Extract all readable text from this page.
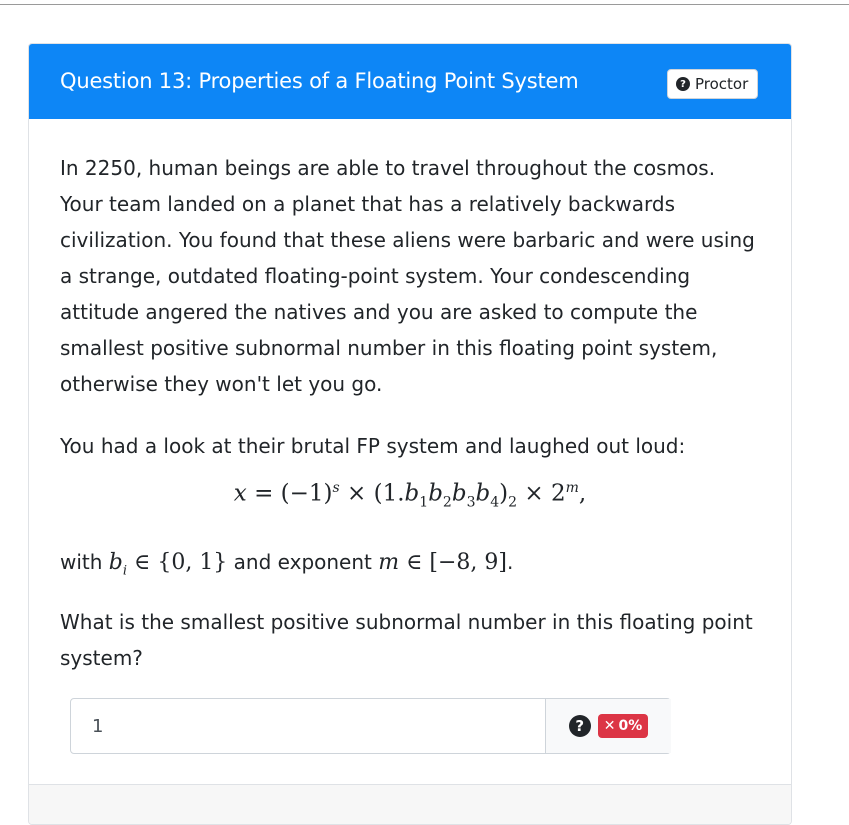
Question 13: Properties of a Floating Point System	? Proctor

In 2250, human beings are able to travel throughout the cosmos. Your team landed on a planet that has a relatively backwards civilization. You found that these aliens were barbaric and were using a strange, outdated floating-point system. Your condescending attitude angered the natives and you are asked to compute the smallest positive subnormal number in this floating point system, otherwise they won't let you go.

You had a look at their brutal FP system and laughed out loud:

$x = (-1)^s \times (1.b_1b_2b_3b_4)_2 \times 2^m$,

with $b_i$ ∈ {0, 1} and exponent m ∈ [−8, 9].

What is the smallest positive subnormal number in this floating point system?

1
?	✕ 0%
